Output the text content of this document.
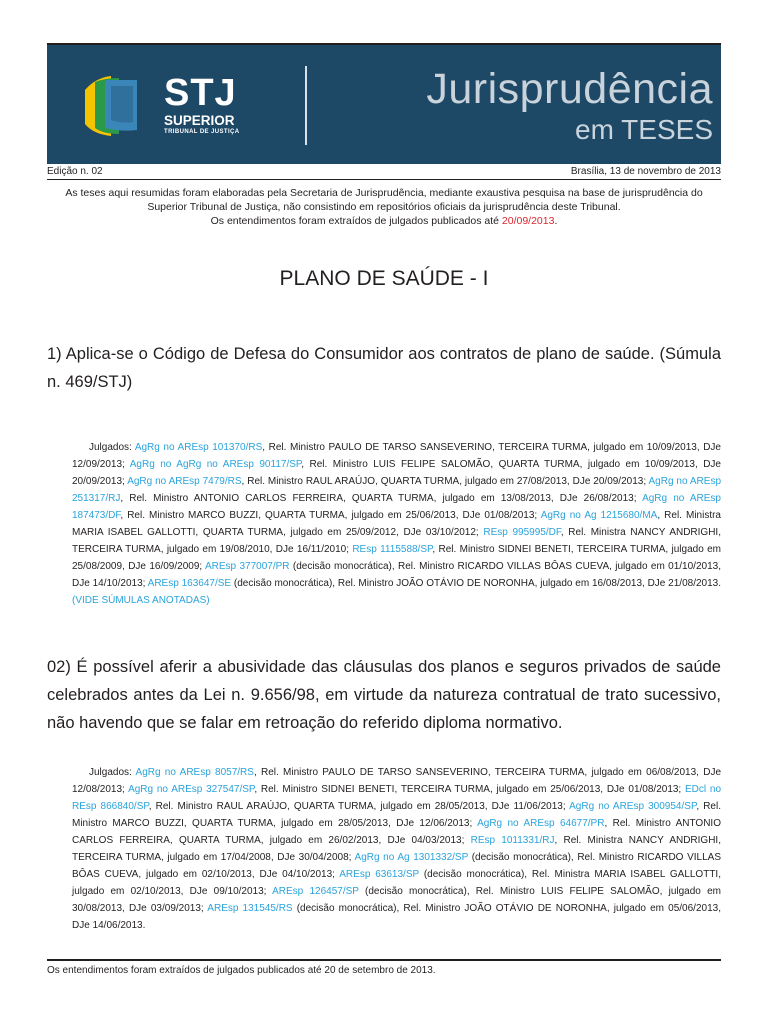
STJ
SUPERIOR
TRIBUNAL DE JUSTIÇA
Jurisprudência
em TESES
Edição n. 02	Brasília, 13 de novembro de 2013
As teses aqui resumidas foram elaboradas pela Secretaria de Jurisprudência, mediante exaustiva pesquisa na base de jurisprudência do Superior Tribunal de Justiça, não consistindo em repositórios oficiais da jurisprudência deste Tribunal.
Os entendimentos foram extraídos de julgados publicados até 20/09/2013.
PLANO DE SAÚDE - I
1) Aplica-se o Código de Defesa do Consumidor aos contratos de plano de saúde. (Súmula n. 469/STJ)
Julgados: AgRg no AREsp 101370/RS, Rel. Ministro PAULO DE TARSO SANSEVERINO, TERCEIRA TURMA, julgado em 10/09/2013, DJe 12/09/2013; AgRg no AgRg no AREsp 90117/SP, Rel. Ministro LUIS FELIPE SALOMÃO, QUARTA TURMA, julgado em 10/09/2013, DJe 20/09/2013; AgRg no AREsp 7479/RS, Rel. Ministro RAUL ARAÚJO, QUARTA TURMA, julgado em 27/08/2013, DJe 20/09/2013; AgRg no AREsp 251317/RJ, Rel. Ministro ANTONIO CARLOS FERREIRA, QUARTA TURMA, julgado em 13/08/2013, DJe 26/08/2013; AgRg no AREsp 187473/DF, Rel. Ministro MARCO BUZZI, QUARTA TURMA, julgado em 25/06/2013, DJe 01/08/2013; AgRg no Ag 1215680/MA, Rel. Ministra MARIA ISABEL GALLOTTI, QUARTA TURMA, julgado em 25/09/2012, DJe 03/10/2012; REsp 995995/DF, Rel. Ministra NANCY ANDRIGHI, TERCEIRA TURMA, julgado em 19/08/2010, DJe 16/11/2010; REsp 1115588/SP, Rel. Ministro SIDNEI BENETI, TERCEIRA TURMA, julgado em 25/08/2009, DJe 16/09/2009; AREsp 377007/PR (decisão monocrática), Rel. Ministro RICARDO VILLAS BÔAS CUEVA, julgado em 01/10/2013, DJe 14/10/2013; AREsp 163647/SE (decisão monocrática), Rel. Ministro JOÃO OTÁVIO DE NORONHA, julgado em 16/08/2013, DJe 21/08/2013. (VIDE SÚMULAS ANOTADAS)
02) É possível aferir a abusividade das cláusulas dos planos e seguros privados de saúde celebrados antes da Lei n. 9.656/98, em virtude da natureza contratual de trato sucessivo, não havendo que se falar em retroação do referido diploma normativo.
Julgados: AgRg no AREsp 8057/RS, Rel. Ministro PAULO DE TARSO SANSEVERINO, TERCEIRA TURMA, julgado em 06/08/2013, DJe 12/08/2013; AgRg no AREsp 327547/SP, Rel. Ministro SIDNEI BENETI, TERCEIRA TURMA, julgado em 25/06/2013, DJe 01/08/2013; EDcl no REsp 866840/SP, Rel. Ministro RAUL ARAÚJO, QUARTA TURMA, julgado em 28/05/2013, DJe 11/06/2013; AgRg no AREsp 300954/SP, Rel. Ministro MARCO BUZZI, QUARTA TURMA, julgado em 28/05/2013, DJe 12/06/2013; AgRg no AREsp 64677/PR, Rel. Ministro ANTONIO CARLOS FERREIRA, QUARTA TURMA, julgado em 26/02/2013, DJe 04/03/2013; REsp 1011331/RJ, Rel. Ministra NANCY ANDRIGHI, TERCEIRA TURMA, julgado em 17/04/2008, DJe 30/04/2008; AgRg no Ag 1301332/SP (decisão monocrática), Rel. Ministro RICARDO VILLAS BÔAS CUEVA, julgado em 02/10/2013, DJe 04/10/2013; AREsp 63613/SP (decisão monocrática), Rel. Ministra MARIA ISABEL GALLOTTI, julgado em 02/10/2013, DJe 09/10/2013; AREsp 126457/SP (decisão monocrática), Rel. Ministro LUIS FELIPE SALOMÃO, julgado em 30/08/2013, DJe 03/09/2013; AREsp 131545/RS (decisão monocrática), Rel. Ministro JOÃO OTÁVIO DE NORONHA, julgado em 05/06/2013, DJe 14/06/2013.
Os entendimentos foram extraídos de julgados publicados até 20 de setembro de 2013.
